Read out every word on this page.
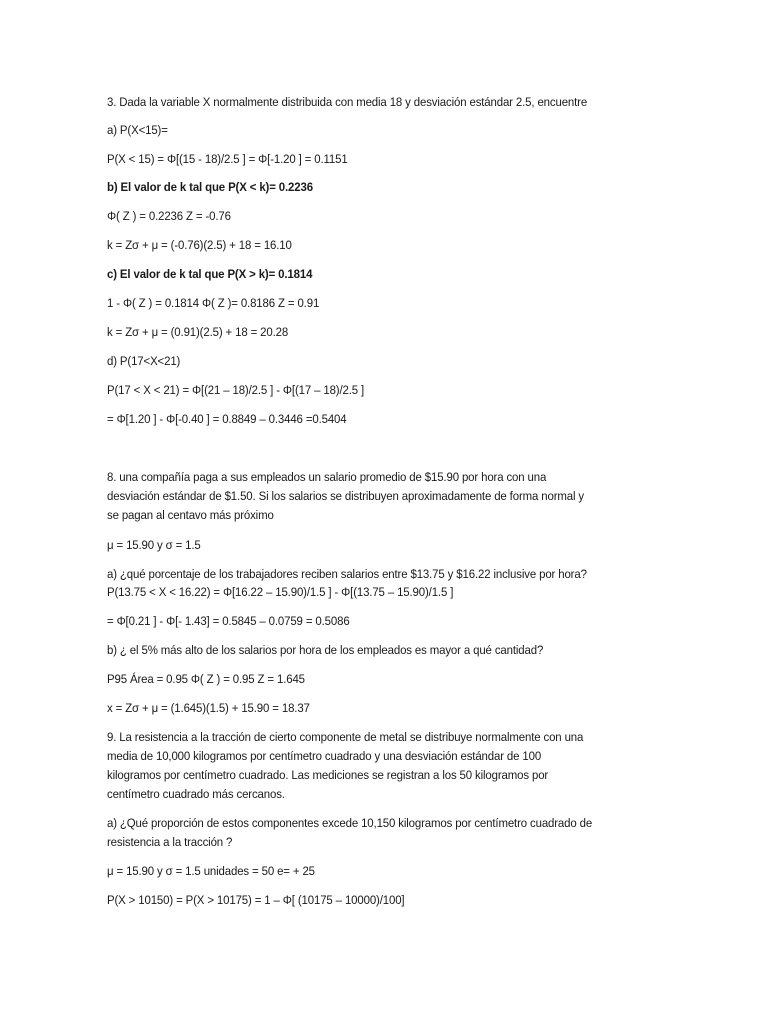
3. Dada la variable X normalmente distribuida con media 18 y desviación estándar 2.5, encuentre

a) P(X<15)=

P(X < 15) = Φ[(15 - 18)/2.5 ] = Φ[-1.20 ] = 0.1151

b) El valor de k tal que P(X < k)= 0.2236

Φ( Z ) = 0.2236 Z = -0.76

k = Zσ + μ = (-0.76)(2.5) + 18 = 16.10

c) El valor de k tal que P(X > k)= 0.1814

1 - Φ( Z ) = 0.1814 Φ( Z )= 0.8186 Z = 0.91

k = Zσ + μ = (0.91)(2.5) + 18 = 20.28

d) P(17<X<21)

P(17 < X < 21) = Φ[(21 – 18)/2.5 ] - Φ[(17 – 18)/2.5 ]

= Φ[1.20 ] - Φ[-0.40 ] = 0.8849 – 0.3446 =0.5404

8. una compañía paga a sus empleados un salario promedio de $15.90 por hora con una

desviación estándar de $1.50. Si los salarios se distribuyen aproximadamente de forma normal y

se pagan al centavo más próximo

μ = 15.90 y σ = 1.5

a) ¿qué porcentaje de los trabajadores reciben salarios entre $13.75 y $16.22 inclusive por hora?

P(13.75 < X < 16.22) = Φ[16.22 – 15.90)/1.5 ] - Φ[(13.75 – 15.90)/1.5 ]

= Φ[0.21 ] - Φ[- 1.43] = 0.5845 – 0.0759 = 0.5086

b) ¿ el 5% más alto de los salarios por hora de los empleados es mayor a qué cantidad?

P95 Área = 0.95 Φ( Z ) = 0.95 Z = 1.645

x = Zσ + μ = (1.645)(1.5) + 15.90 = 18.37

9. La resistencia a la tracción de cierto componente de metal se distribuye normalmente con una

media de 10,000 kilogramos por centímetro cuadrado y una desviación estándar de 100

kilogramos por centímetro cuadrado. Las mediciones se registran a los 50 kilogramos por

centímetro cuadrado más cercanos.

a) ¿Qué proporción de estos componentes excede 10,150 kilogramos por centímetro cuadrado de

resistencia a la tracción ?

μ = 15.90 y σ = 1.5 unidades = 50 e= + 25

P(X > 10150) = P(X > 10175) = 1 – Φ[ (10175 – 10000)/100]
